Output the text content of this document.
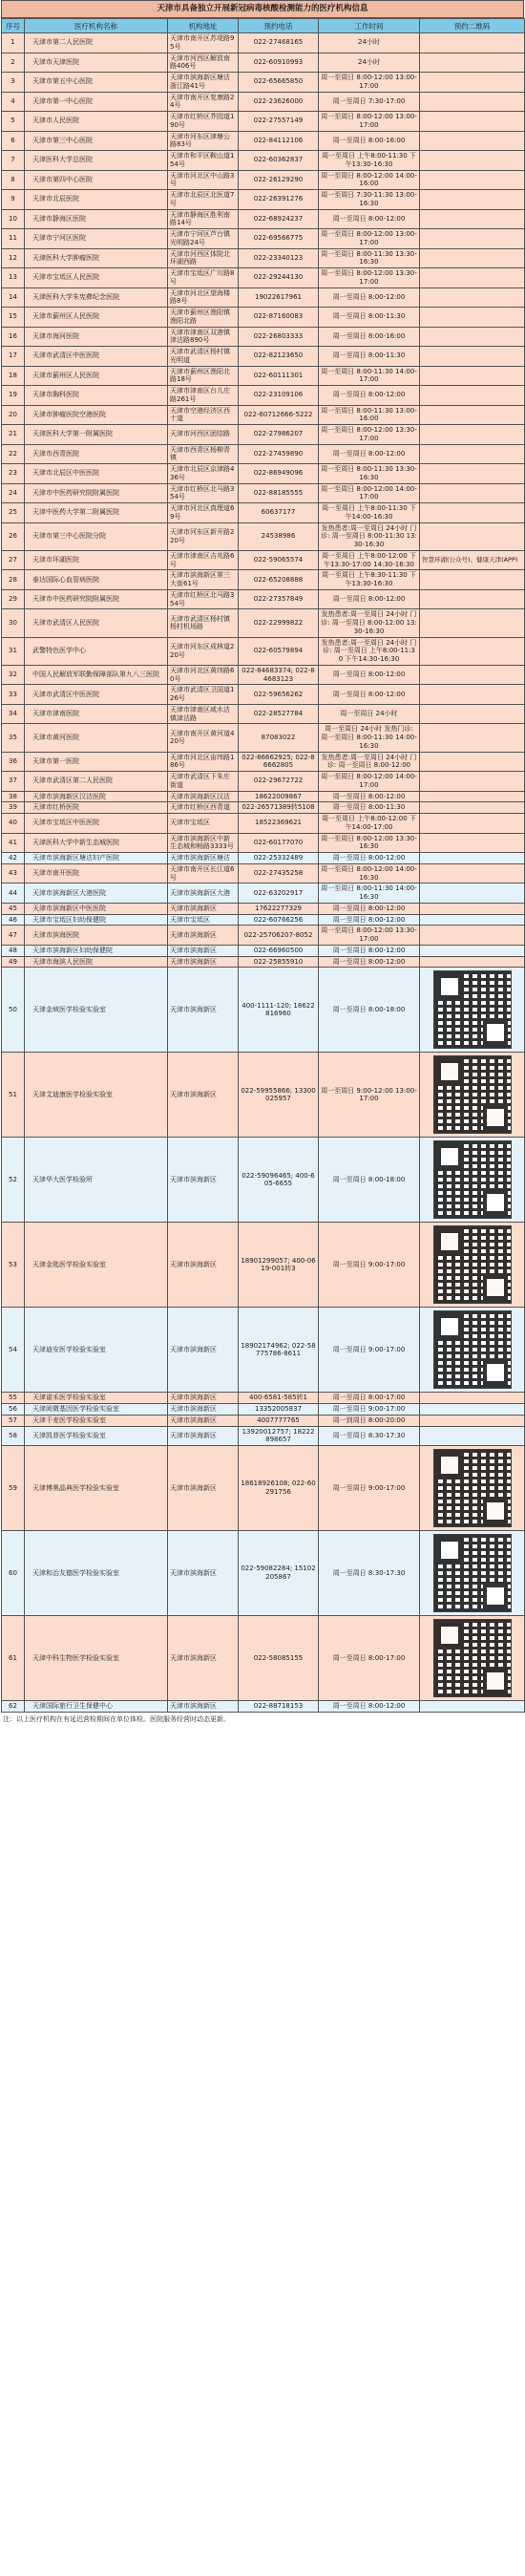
天津市具备独立开展新冠病毒核酸检测能力的医疗机构信息
序号	医疗机构名称	机构地址	预约电话	工作时间	预约二维码
1	天津市第二人民医院	天津市南开区苏堤路95号	022-27468165	24小时	
2	天津市天津医院	天津市河西区解放南路406号	022-60910993	24小时	
3	天津市第五中心医院	天津市滨海新区塘沽浙江路41号	022-65665850	周一至周日 8:00-12:00 13:00-17:00	
4	天津市第一中心医院	天津市南开区复康路24号	022-23626000	周一至周日 7:30-17:00	
5	天津市人民医院	天津市红桥区芥园道190号	022-27557149	周一至周日 8:00-12:00 13:00-17:00	
6	天津市第三中心医院	天津市河东区津塘公路83号	022-84112106	周一至周日 8:00-16:00	
7	天津医科大学总医院	天津市和平区鞍山道154号	022-60362837	周一至周日 上午8:00-11:30 下午13:30-16:30	
8	天津市第四中心医院	天津市河北区中山路3号	022-26129290	周一至周日 8:00-12:00 14:00-16:00	
9	天津市北辰医院	天津市北辰区北医道7号	022-26391276	周一至周日 7:30-11:30 13:00-16:30	
10	天津市静海区医院	天津市静海区胜利南路14号	022-68924237	周一至周日 8:00-12:00	
11	天津市宁河区医院	天津市宁河区芦台镇光明路24号	022-69566775	周一至周日 8:00-12:00 13:00-17:00	
12	天津医科大学肿瘤医院	天津市河西区体院北环湖西路	022-23340123	周一至周日 8:00-11:30 13:30-16:30	
13	天津市宝坻区人民医院	天津市宝坻区广川路8号	022-29244130	周一至周日 8:00-12:00 13:30-17:00	
14	天津医科大学朱宪彝纪念医院	天津市河北区望海楼路8号	19022617961	周一至周日 8:00-12:00	
15	天津市蓟州区人民医院	天津市蓟州区渔阳镇渔阳北路	022-87160083	周一至周日 8:00-11:30	
16	天津市海河医院	天津市津南区双港镇津沽路890号	022-26803333	周一至周日 8:00-16:00	
17	天津市武清区中医医院	天津市武清区杨村镇光明道	022-82123650	周一至周日 8:00-11:30	
18	天津市蓟州区人民医院	天津市蓟州区渔阳北路18号	022-60111301	周一至周日 8:00-11:30 14:00-17:00	
19	天津市胸科医院	天津市津南区台儿庄路261号	022-23109106	周一至周日 8:00-12:00	
20	天津市肿瘤医院空港医院	天津市空港经济区西十道	022-60712666-5222	周一至周日 8:00-11:30 13:00-16:00	
21	天津医科大学第一附属医院	天津市河西区团结路	022-27986207	周一至周日 8:00-12:00 13:30-17:00	
22	天津市西青医院	天津市西青区杨柳青镇	022-27459890	周一至周日 8:00-12:00	
23	天津市北辰区中医医院	天津市北辰区京津路436号	022-86949096	周一至周日 8:00-11:30 13:30-16:30	
24	天津市中医药研究院附属医院	天津市红桥区北马路354号	022-88185555	周一至周日 8:00-12:00 14:00-17:00	
25	天津中医药大学第二附属医院	天津市河北区真理道69号	60637177	周一至周日 上午8:00-11:30 下午14:00-16:30	
26	天津市第三中心医院分院	天津市河东区新开路220号	24538986	发热患者:周一至周日 24小时 门诊: 周一至周日 8:00-11:30 13:30-16:30	
27	天津市环湖医院	天津市津南区吉兆路6号	022-59065574	周一至周日 上午8:00-12:00 下午13:30-17:00 14:30-16:30	智慧环湖(公众号)、健康天津(APP)
28	泰达国际心血管病医院	天津市滨海新区第三大街61号	022-65208888	周一至周日 上午8:30-11:30 下午13:30-16:30	
29	天津市中医药研究院附属医院	天津市红桥区北马路354号	022-27357849	周一至周日 8:00-12:00	
30	天津市武清区人民医院	天津市武清区杨村镇杨村机场路	022-22999822	发热患者:周一至周日 24小时 门诊: 周一至周日 8:00-12:00 13:30-16:30	
31	武警特色医学中心	天津市河东区成林道220号	022-60579894	发热患者:周一至周日 24小时 门诊: 周一至周日 上午8:00-11:30 下午14:30-16:30	
32	中国人民解放军联勤保障部队第九八三医院	天津市河北区黄纬路60号	022-84683374; 022-84683123	周一至周日 8:00-12:00	
33	天津市武清区中医医院	天津市武清区卫国道126号	022-59656262	周一至周日 8:00-12:00	
34	天津市津南医院	天津市津南区咸水沽镇津沽路	022-28527784	周一至周日 24小时	
35	天津市黄河医院	天津市南开区黄河道420号	87083022	周一至周日 24小时 发热门诊: 周一至周日 8:00-11:30 14:00-16:30	
36	天津市第一医院	天津市河北区宙纬路186号	022-86662925; 022-86662805	发热患者:周一至周日 24小时 门诊: 周一至周日 8:00-12:00	
37	天津市武清区第二人民医院	天津市武清区下朱庄街道	022-29672722	周一至周日 8:00-12:00 14:00-17:00	
38	天津市滨海新区汉沽医院	天津市滨海新区汉沽	18622009867	周一至周日 8:00-12:00	
39	天津市红桥医院	天津市红桥区西青道	022-26571389转5108	周一至周日 8:00-11:30	
40	天津市宝坻区中医医院	天津市宝坻区	18522369621	周一至周日 上午8:00-12:00 下午14:00-17:00	
41	天津医科大学中新生态城医院	天津市滨海新区中新生态城和畅路3333号	022-60177070	周一至周日 8:00-12:00 13:30-16:30	
42	天津市滨海新区塘沽妇产医院	天津市滨海新区塘沽	022-25332489	周一至周日 8:00-12:00	
43	天津市南开医院	天津市南开区长江道6号	022-27435258	周一至周日 8:00-12:00 14:00-16:30	
44	天津市滨海新区大港医院	天津市滨海新区大港	022-63202917	周一至周日 8:00-11:30 14:00-16:30	
45	天津市滨海新区中医医院	天津市滨海新区	17622277329	周一至周日 8:00-12:00	
46	天津市宝坻区妇幼保健院	天津市宝坻区	022-60766256	周一至周日 8:00-12:00	
47	天津市滨海医院	天津市滨海新区	022-25706207-8052	周一至周日 8:00-12:00 13:30-17:00	
48	天津市滨海新区妇幼保健院	天津市滨海新区	022-66960500	周一至周日 8:00-12:00	
49	天津市海滨人民医院	天津市滨海新区	022-25855910	周一至周日 8:00-12:00	
50	天津金域医学检验实验室	天津市滨海新区	400-1111-120; 18622816960	周一至周日 8:00-18:00	

51	天津艾迪康医学检验实验室	天津市滨海新区	022-59955866; 13300025957	周一至周日 9:00-12:00 13:00-17:00	

52	天津华大医学检验所	天津市滨海新区	022-59096465; 400-605-6655	周一至周日 8:00-18:00	

53	天津金匙医学检验实验室	天津市滨海新区	18901299057; 400-0619-001转3	周一至周日 9:00-17:00	

54	天津迪安医学检验实验室	天津市滨海新区	18902174962; 022-58775786-8611	周一至周日 9:00-17:00	

55	天津诺禾医学检验实验室	天津市滨海新区	400-6581-585转1	周一至周日 8:00-17:00	
56	天津阅微基因医学检验实验室	天津市滨海新区	13352005837	周一至周日 9:00-17:00	
57	天津千麦医学检验实验室	天津市滨海新区	4007777765	周一到周日 8:00-20:00	
58	天津凯普医学检验实验室	天津市滨海新区	13920012757; 18222898657	周一至周日 8:30-17:30	
59	天津博奥晶典医学检验实验室	天津市滨海新区	18618926108; 022-60291756	周一至周日 9:00-17:00	

60	天津和治友德医学检验实验室	天津市滨海新区	022-59082284; 15102205867	周一至周日 8:30-17:30	

61	天津中科生物医学检验实验室	天津市滨海新区	022-58085155	周一至周日 8:00-17:00	

62	天津国际旅行卫生保健中心	天津市滨海新区	022-88718153	周一至周日 8:00-12:00	
注：以上医疗机构在有延迟营检期间在单位体检。医院服务经营时动态更新。
